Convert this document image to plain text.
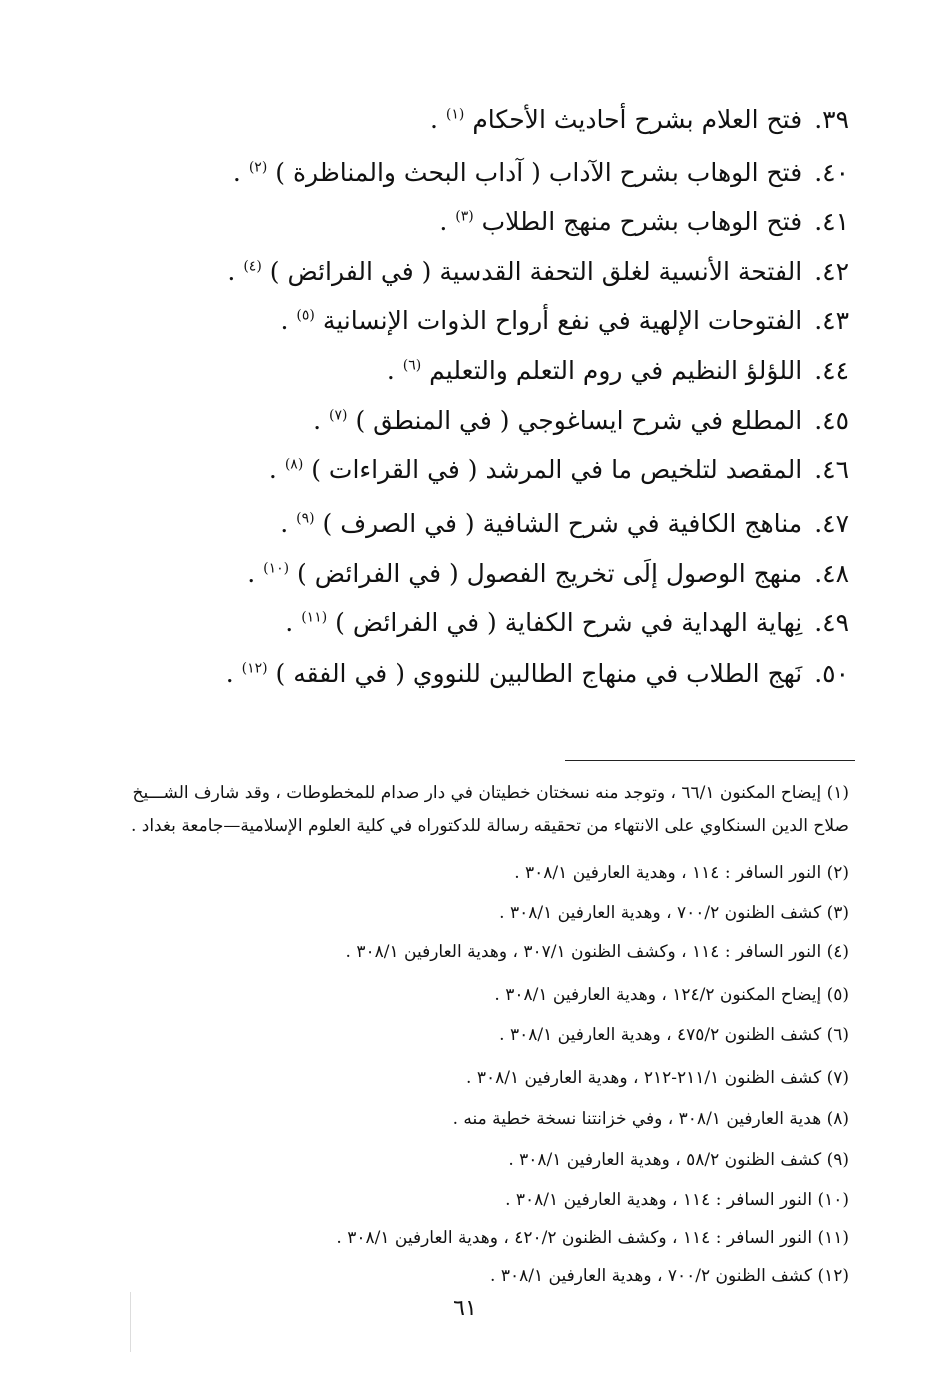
٣٩.فتح العلام بشرح أحاديث الأحكام $^{(١)}$ .
٤٠.فتح الوهاب بشرح الآداب ( آداب البحث والمناظرة ) $^{(٢)}$ .
٤١.فتح الوهاب بشرح منهج الطلاب $^{(٣)}$ .
٤٢.الفتحة الأنسية لغلق التحفة القدسية ( في الفرائض ) $^{(٤)}$ .
٤٣.الفتوحات الإلهية في نفع أرواح الذوات الإنسانية $^{(٥)}$ .
٤٤.اللؤلؤ النظيم في روم التعلم والتعليم $^{(٦)}$ .
٤٥.المطلع في شرح ايساغوجي ( في المنطق ) $^{(٧)}$ .
٤٦.المقصد لتلخيص ما في المرشد ( في القراءات ) $^{(٨)}$ .
٤٧.مناهج الكافية في شرح الشافية ( في الصرف ) $^{(٩)}$ .
٤٨.منهج الوصول إلَى تخريج الفصول ( في الفرائض ) $^{(١٠)}$ .
٤٩.نِهاية الهداية في شرح الكفاية ( في الفرائض ) $^{(١١)}$ .
٥٠.نَهج الطلاب في منهاج الطالبين للنووي ( في الفقه ) $^{(١٢)}$ .
(١) إيضاح المكنون ٦٦/١ ، وتوجد منه نسختان خطيتان في دار صدام للمخطوطات ، وقد شارف الشـــيخ
صلاح الدين السنكاوي على الانتهاء من تحقيقه رسالة للدكتوراه في كلية العلوم الإسلامية—جامعة بغداد .
(٢) النور السافر : ١١٤ ، وهدية العارفين ٣٠٨/١ .
(٣) كشف الظنون ٧٠٠/٢ ، وهدية العارفين ٣٠٨/١ .
(٤) النور السافر : ١١٤ ، وكشف الظنون ٣٠٧/١ ، وهدية العارفين ٣٠٨/١ .
(٥) إيضاح المكنون ١٢٤/٢ ، وهدية العارفين ٣٠٨/١ .
(٦) كشف الظنون ٤٧٥/٢ ، وهدية العارفين ٣٠٨/١ .
(٧) كشف الظنون ٢١١/١-٢١٢ ، وهدية العارفين ٣٠٨/١ .
(٨) هدية العارفين ٣٠٨/١ ، وفي خزانتنا نسخة خطية منه .
(٩) كشف الظنون ٥٨/٢ ، وهدية العارفين ٣٠٨/١ .
(١٠) النور السافر : ١١٤ ، وهدية العارفين ٣٠٨/١ .
(١١) النور السافر : ١١٤ ، وكشف الظنون ٤٢٠/٢ ، وهدية العارفين ٣٠٨/١ .
(١٢) كشف الظنون ٧٠٠/٢ ، وهدية العارفين ٣٠٨/١ .
٦١
